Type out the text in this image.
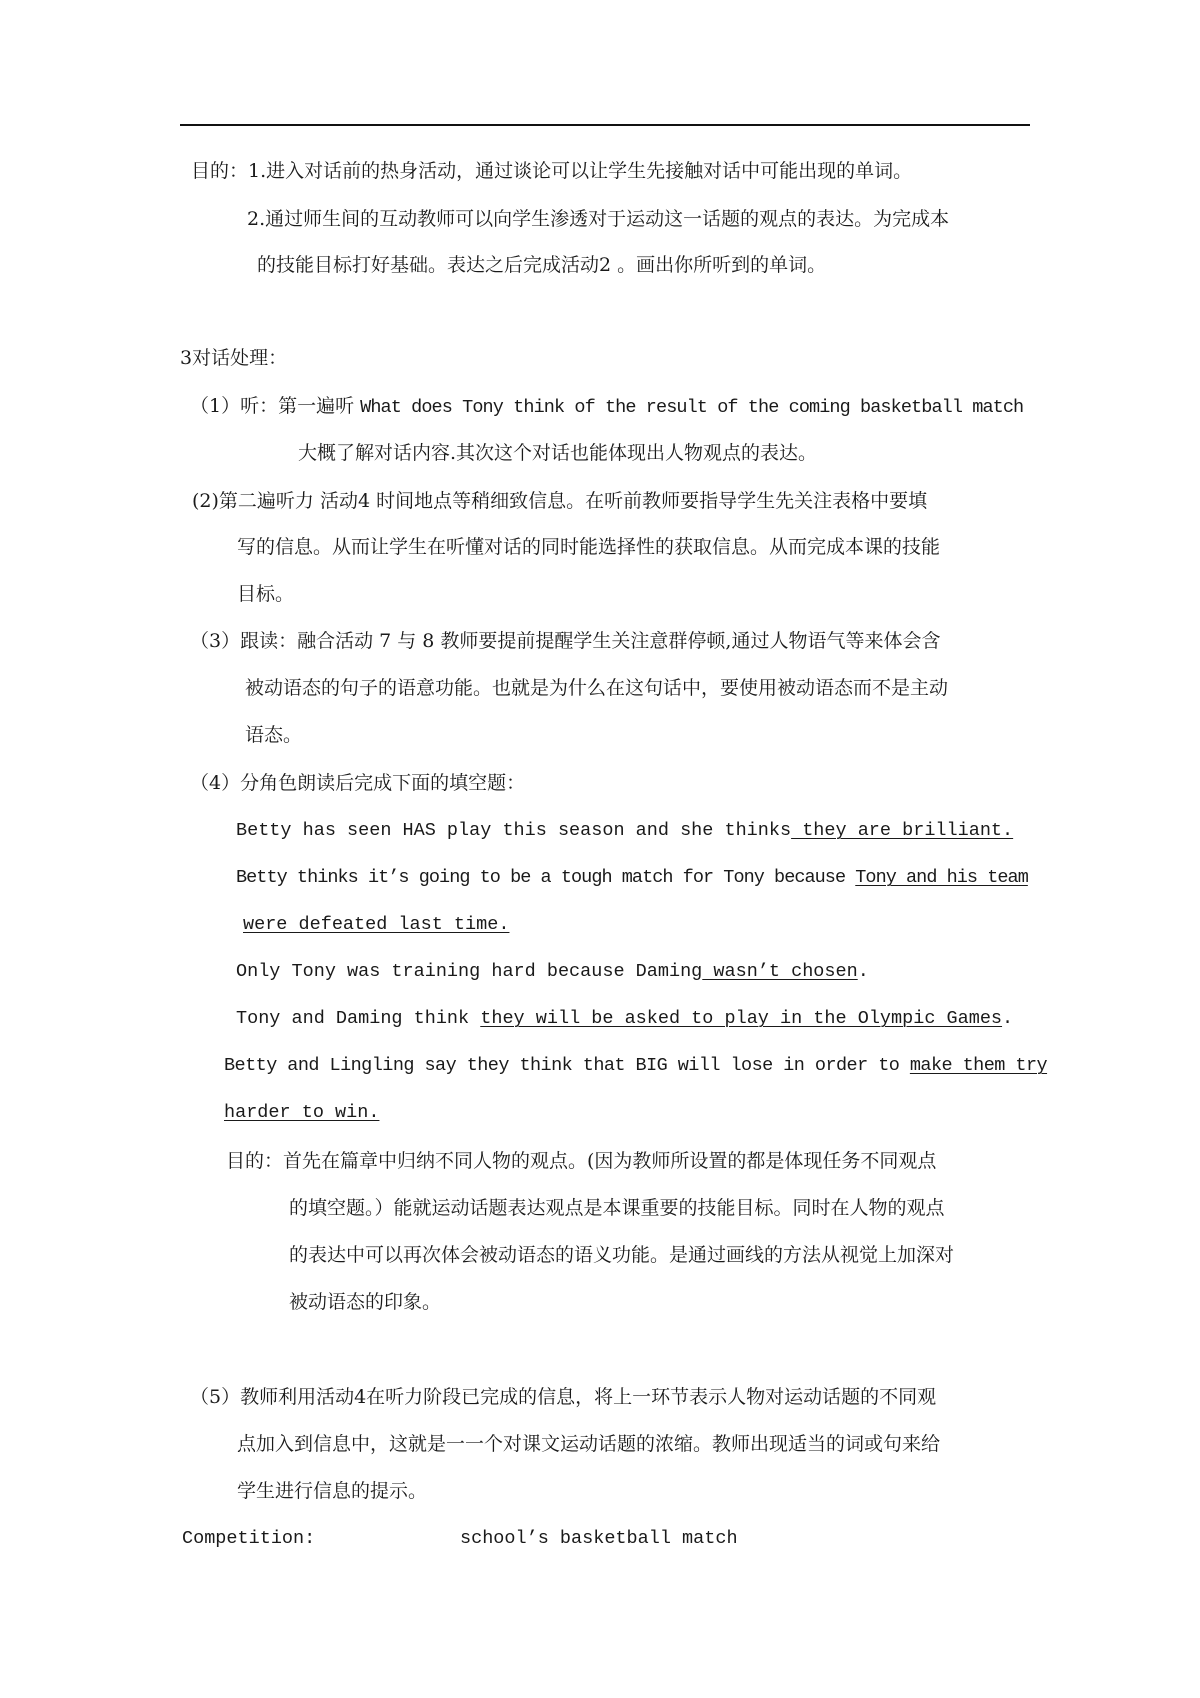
目的：1.进入对话前的热身活动，通过谈论可以让学生先接触对话中可能出现的单词。
2.通过师生间的互动教师可以向学生渗透对于运动这一话题的观点的表达。为完成本
的技能目标打好基础。表达之后完成活动2 。画出你所听到的单词。
3对话处理：
（1）听：第一遍听 What does Tony think of the result of the coming basketball match
大概了解对话内容.其次这个对话也能体现出人物观点的表达。
(2)第二遍听力 活动4 时间地点等稍细致信息。在听前教师要指导学生先关注表格中要填
写的信息。从而让学生在听懂对话的同时能选择性的获取信息。从而完成本课的技能
目标。
（3）跟读：融合活动 7 与 8 教师要提前提醒学生关注意群停顿,通过人物语气等来体会含
被动语态的句子的语意功能。也就是为什么在这句话中，要使用被动语态而不是主动
语态。
（4）分角色朗读后完成下面的填空题：
Betty has seen HAS play this season and she thinks they are brilliant.
Betty thinks it’s going to be a tough match for Tony because Tony and his team
were defeated last time.
Only Tony was training hard because Daming wasn’t chosen.
Tony and Daming think they will be asked to play in the Olympic Games.
Betty and Lingling say they think that BIG will lose in order to make them try
harder to win.
目的：首先在篇章中归纳不同人物的观点。(因为教师所设置的都是体现任务不同观点
的填空题。）能就运动话题表达观点是本课重要的技能目标。同时在人物的观点
的表达中可以再次体会被动语态的语义功能。是通过画线的方法从视觉上加深对
被动语态的印象。
（5）教师利用活动4在听力阶段已完成的信息，将上一环节表示人物对运动话题的不同观
点加入到信息中，这就是一一个对课文运动话题的浓缩。教师出现适当的词或句来给
学生进行信息的提示。
Competition:	school’s basketball match
